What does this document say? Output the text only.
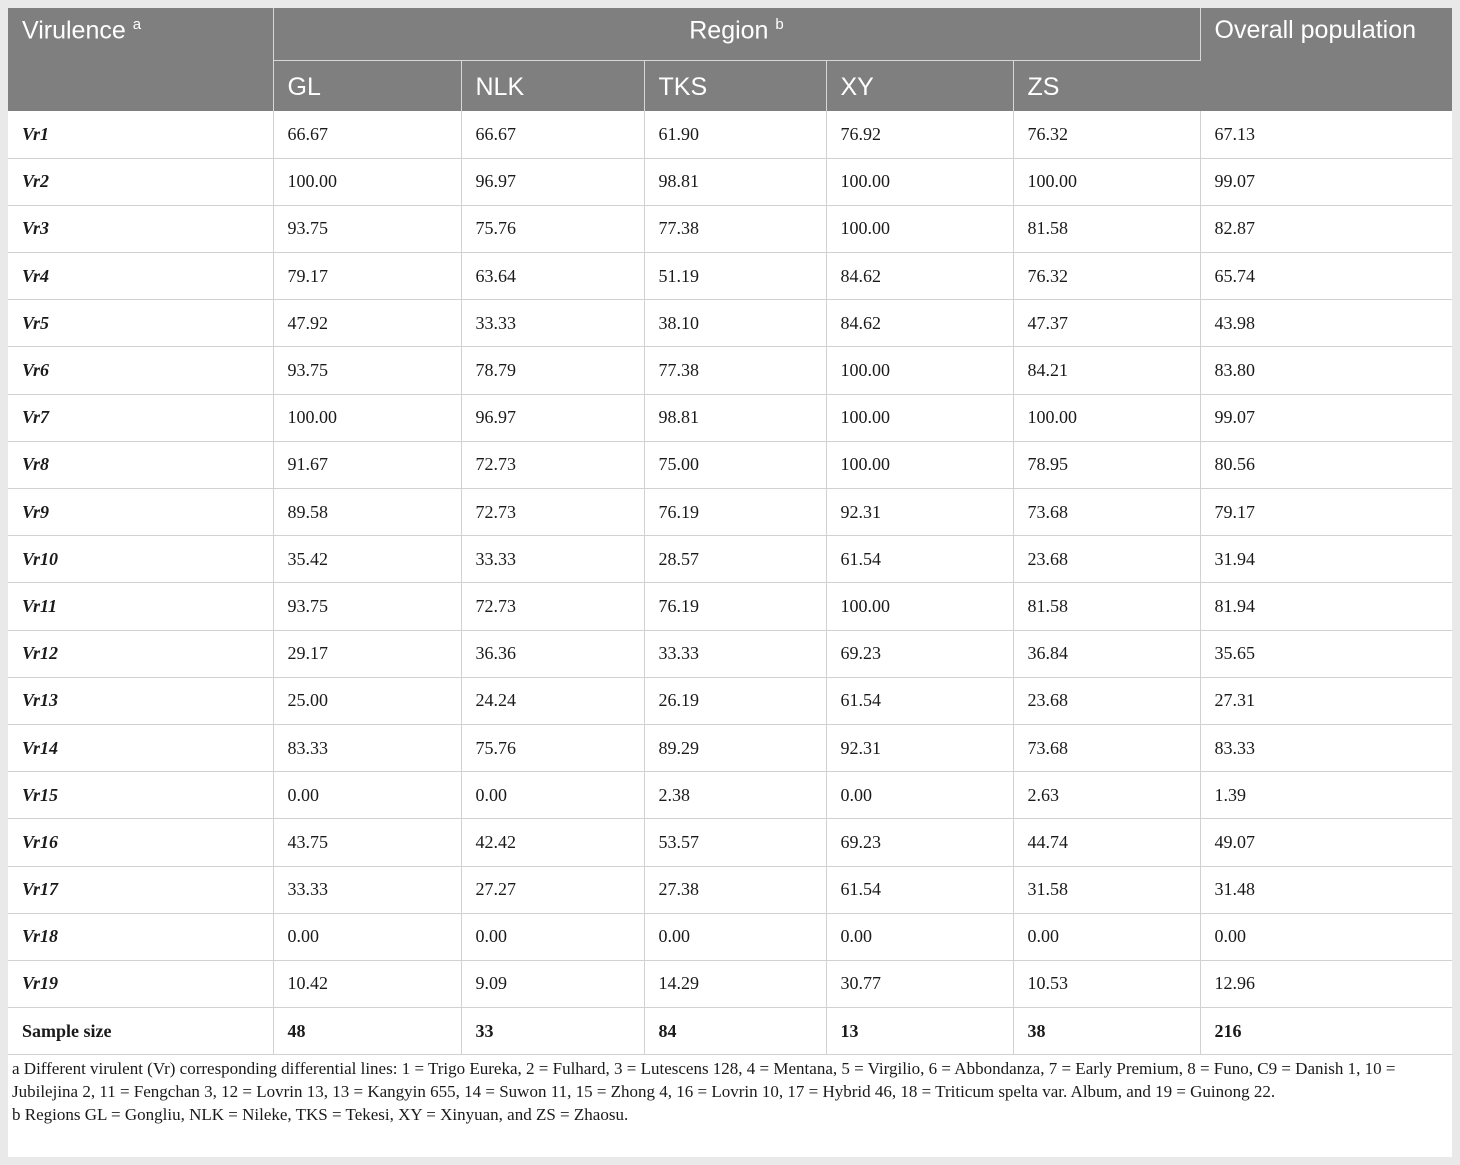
Virulence $^a$	Region $^b$					Overall population
	GL	NLK	TKS	XY	ZS	
Vr1	66.67	66.67	61.90	76.92	76.32	67.13
Vr2	100.00	96.97	98.81	100.00	100.00	99.07
Vr3	93.75	75.76	77.38	100.00	81.58	82.87
Vr4	79.17	63.64	51.19	84.62	76.32	65.74
Vr5	47.92	33.33	38.10	84.62	47.37	43.98
Vr6	93.75	78.79	77.38	100.00	84.21	83.80
Vr7	100.00	96.97	98.81	100.00	100.00	99.07
Vr8	91.67	72.73	75.00	100.00	78.95	80.56
Vr9	89.58	72.73	76.19	92.31	73.68	79.17
Vr10	35.42	33.33	28.57	61.54	23.68	31.94
Vr11	93.75	72.73	76.19	100.00	81.58	81.94
Vr12	29.17	36.36	33.33	69.23	36.84	35.65
Vr13	25.00	24.24	26.19	61.54	23.68	27.31
Vr14	83.33	75.76	89.29	92.31	73.68	83.33
Vr15	0.00	0.00	2.38	0.00	2.63	1.39
Vr16	43.75	42.42	53.57	69.23	44.74	49.07
Vr17	33.33	27.27	27.38	61.54	31.58	31.48
Vr18	0.00	0.00	0.00	0.00	0.00	0.00
Vr19	10.42	9.09	14.29	30.77	10.53	12.96
Sample size	48	33	84	13	38	216

a Different virulent (Vr) corresponding differential lines: 1 = Trigo Eureka, 2 = Fulhard, 3 = Lutescens 128, 4 = Mentana, 5 = Virgilio, 6 = Abbondanza, 7 = Early Premium, 8 = Funo, C9 = Danish 1, 10 = Jubilejina 2, 11 = Fengchan 3, 12 = Lovrin 13, 13 = Kangyin 655, 14 = Suwon 11, 15 = Zhong 4, 16 = Lovrin 10, 17 = Hybrid 46, 18 = Triticum spelta var. Album, and 19 = Guinong 22.

b Regions GL = Gongliu, NLK = Nileke, TKS = Tekesi, XY = Xinyuan, and ZS = Zhaosu.
